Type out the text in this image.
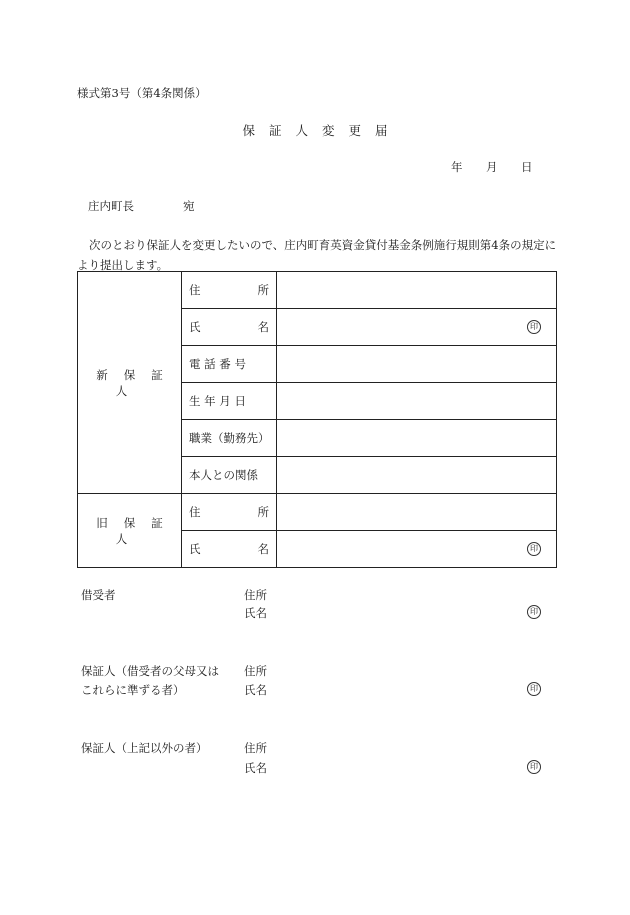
様式第3号（第4条関係）
保証人変更届
年 月 日
庄内町長	宛
次のとおり保証人を変更したいので、庄内町育英資金貸付基金条例施行規則第4条の規定により提出します。
新保証人	住 所	

	氏 名	印

	電 話 番 号	
	生 年 月 日	
	職業（勤務先）	
	本人との関係	
旧保証人	住 所	

	氏 名	印
借受者	住所
氏名	印
保証人（借受者の父母又は
これらに準ずる者）
住所
氏名	印
保証人（上記以外の者）	住所
氏名	印
